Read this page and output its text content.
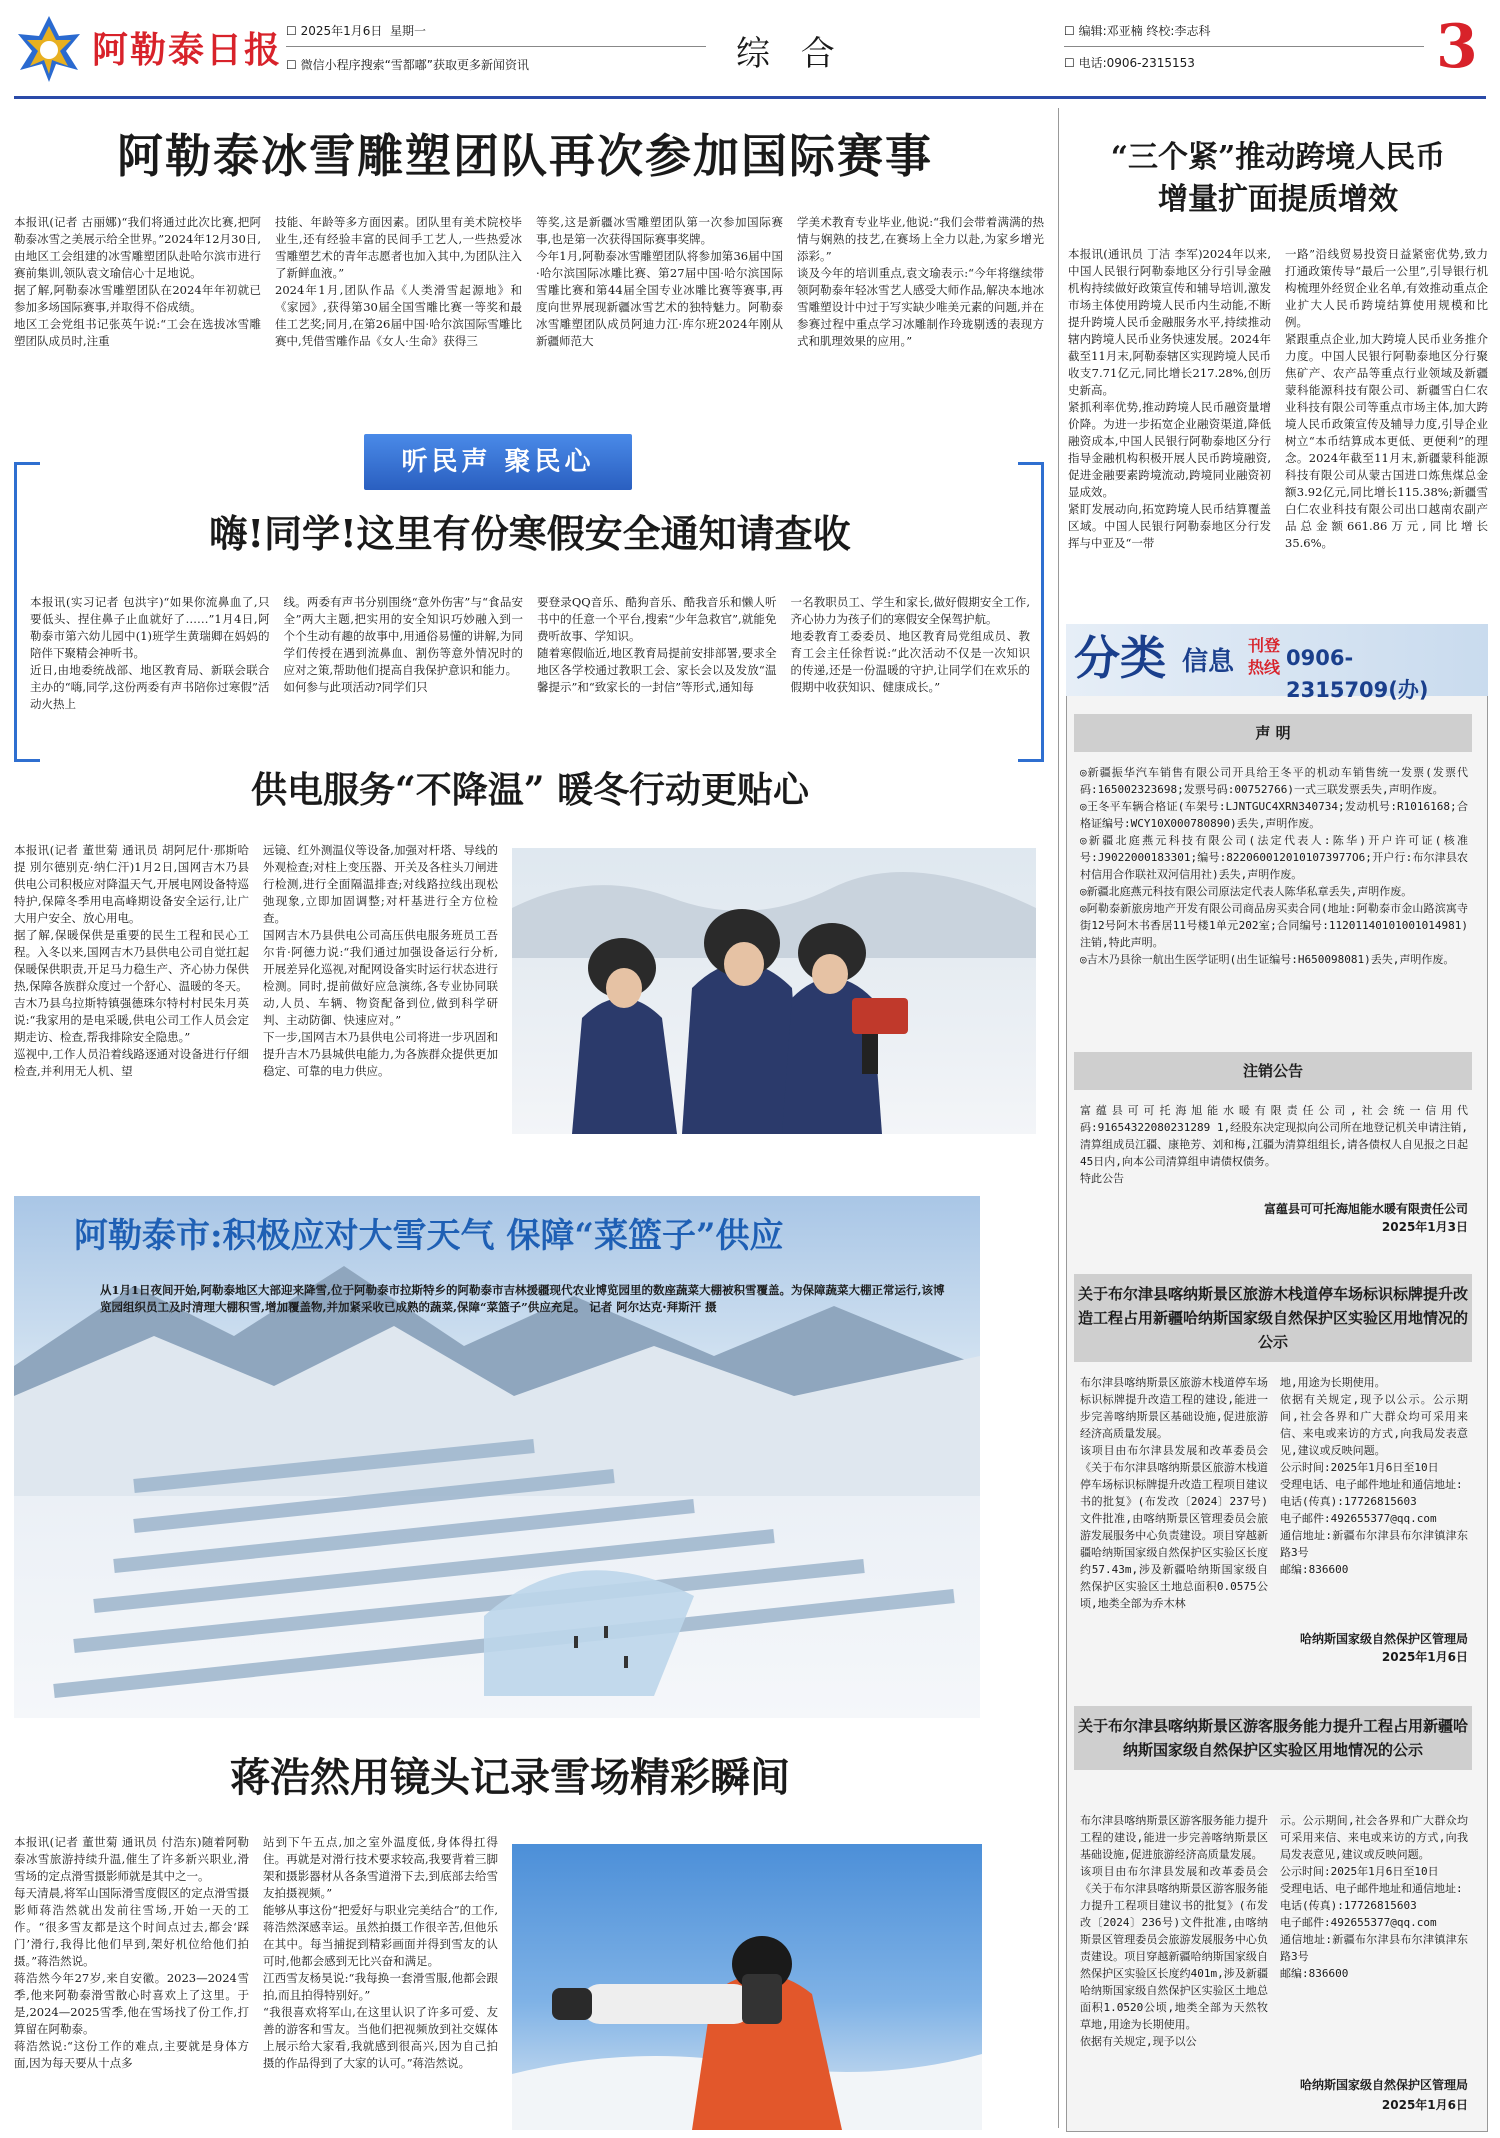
阿勒泰日报 ☐ 2025年1月6日 星期一
☐ 微信小程序搜索“雪都嘟”获取更多新闻资讯	综 合
☐ 编辑:邓亚楠 终校:李志科
☐ 电话:0906-2315153	3
阿勒泰冰雪雕塑团队再次参加国际赛事
本报讯(记者 古丽娜)“我们将通过此次比赛,把阿勒泰冰雪之美展示给全世界。”2024年12月30日,由地区工会组建的冰雪雕塑团队赴哈尔滨市进行赛前集训,领队袁文瑜信心十足地说。
据了解,阿勒泰冰雪雕塑团队在2024年年初就已参加多场国际赛事,并取得不俗成绩。
地区工会党组书记张英午说:“工会在选拔冰雪雕塑团队成员时,注重
技能、年龄等多方面因素。团队里有美术院校毕业生,还有经验丰富的民间手工艺人,一些热爱冰雪雕塑艺术的青年志愿者也加入其中,为团队注入了新鲜血液。”
2024年1月,团队作品《人类滑雪起源地》和《家园》,获得第30届全国雪雕比赛一等奖和最佳工艺奖;同月,在第26届中国·哈尔滨国际雪雕比赛中,凭借雪雕作品《女人·生命》获得三
等奖,这是新疆冰雪雕塑团队第一次参加国际赛事,也是第一次获得国际赛事奖牌。
今年1月,阿勒泰冰雪雕塑团队将参加第36届中国·哈尔滨国际冰雕比赛、第27届中国·哈尔滨国际雪雕比赛和第44届全国专业冰雕比赛等赛事,再度向世界展现新疆冰雪艺术的独特魅力。阿勒泰冰雪雕塑团队成员阿迪力江·库尔班2024年刚从新疆师范大
学美术教育专业毕业,他说:“我们会带着满满的热情与娴熟的技艺,在赛场上全力以赴,为家乡增光添彩。”
谈及今年的培训重点,袁文瑜表示:“今年将继续带领阿勒泰年轻冰雪艺人感受大师作品,解决本地冰雪雕塑设计中过于写实缺少唯美元素的问题,并在参赛过程中重点学习冰雕制作玲珑剔透的表现方式和肌理效果的应用。”
听民声 聚民心
嗨!同学!这里有份寒假安全通知请查收
本报讯(实习记者 包洪宇)“如果你流鼻血了,只要低头、捏住鼻子止血就好了……”1月4日,阿勒泰市第六幼儿园中(1)班学生黄瑞卿在妈妈的陪伴下聚精会神听书。
近日,由地委统战部、地区教育局、新联会联合主办的“嗨,同学,这份两委有声书陪你过寒假”活动火热上
线。两委有声书分别围绕“意外伤害”与“食品安全”两大主题,把实用的安全知识巧妙融入到一个个生动有趣的故事中,用通俗易懂的讲解,为同学们传授在遇到流鼻血、割伤等意外情况时的应对之策,帮助他们提高自我保护意识和能力。
如何参与此项活动?同学们只
要登录QQ音乐、酷狗音乐、酷我音乐和懒人听书中的任意一个平台,搜索“少年急救官”,就能免费听故事、学知识。
随着寒假临近,地区教育局提前安排部署,要求全地区各学校通过教职工会、家长会以及发放“温馨提示”和“致家长的一封信”等形式,通知每
一名教职员工、学生和家长,做好假期安全工作,齐心协力为孩子们的寒假安全保驾护航。
地委教育工委委员、地区教育局党组成员、教育工会主任徐哲说:“此次活动不仅是一次知识的传递,还是一份温暖的守护,让同学们在欢乐的假期中收获知识、健康成长。”
供电服务“不降温” 暖冬行动更贴心
本报讯(记者 董世菊 通讯员 胡阿尼什·那斯哈提 別尔德别克·纳仁汗)1月2日,国网吉木乃县供电公司积极应对降温天气,开展电网设备特巡特护,保障冬季用电高峰期设备安全运行,让广大用户安全、放心用电。
据了解,保暖保供是重要的民生工程和民心工程。入冬以来,国网吉木乃县供电公司自觉扛起保暖保供职责,开足马力稳生产、齐心协力保供热,保障各族群众度过一个舒心、温暖的冬天。
吉木乃县乌拉斯特镇强德珠尔特村村民朱月英说:“我家用的是电采暖,供电公司工作人员会定期走访、检查,帮我排除安全隐患。”
巡视中,工作人员沿着线路逐通对设备进行仔细检查,并利用无人机、望
远镜、红外测温仪等设备,加强对杆塔、导线的外观检查;对柱上变压器、开关及各柱头刀闸进行检测,进行全面隔温排查;对线路拉线出现松弛现象,立即加固调整;对杆基进行全方位检查。
国网吉木乃县供电公司高压供电服务班员工吾尔肯·阿德力说:“我们通过加强设备运行分析,开展差异化巡视,对配网设备实时运行状态进行检测。同时,提前做好应急演练,各专业协同联动,人员、车辆、物资配备到位,做到科学研判、主动防御、快速应对。”
下一步,国网吉木乃县供电公司将进一步巩固和提升吉木乃县城供电能力,为各族群众提供更加稳定、可靠的电力供应。
阿勒泰市:积极应对大雪天气 保障“菜篮子”供应
从1月1日夜间开始,阿勒泰地区大部迎来降雪,位于阿勒泰市拉斯特乡的阿勒泰市吉林援疆现代农业博览园里的数座蔬菜大棚被积雪覆盖。为保障蔬菜大棚正常运行,该博览园组织员工及时清理大棚积雪,增加覆盖物,并加紧采收已成熟的蔬菜,保障“菜篮子”供应充足。 记者 阿尔达克·拜斯汗 摄
蒋浩然用镜头记录雪场精彩瞬间
本报讯(记者 董世菊 通讯员 付浩东)随着阿勒泰冰雪旅游持续升温,催生了许多新兴职业,滑雪场的定点滑雪摄影师就是其中之一。
每天清晨,将军山国际滑雪度假区的定点滑雪摄影师蒋浩然就出发前往雪场,开始一天的工作。“很多雪友都是这个时间点过去,都会‘踩门’滑行,我得比他们早到,架好机位给他们拍摄。”蒋浩然说。
蒋浩然今年27岁,来自安徽。2023—2024雪季,他来阿勒泰滑雪散心时喜欢上了这里。于是,2024—2025雪季,他在雪场找了份工作,打算留在阿勒泰。
蒋浩然说:“这份工作的难点,主要就是身体方面,因为每天要从十点多
站到下午五点,加之室外温度低,身体得扛得住。再就是对滑行技术要求较高,我要背着三脚架和摄影器材从各条雪道滑下去,到底部去给雪友拍摄视频。”
能够从事这份“把爱好与职业完美结合”的工作,蒋浩然深感幸运。虽然拍摄工作很辛苦,但他乐在其中。每当捕捉到精彩画面并得到雪友的认可时,他都会感到无比兴奋和满足。
江西雪友杨昊说:“我每换一套滑雪服,他都会跟拍,而且拍得特别好。”
“我很喜欢将军山,在这里认识了许多可爱、友善的游客和雪友。当他们把视频放到社交媒体上展示给大家看,我就感到很高兴,因为自己拍摄的作品得到了大家的认可。”蒋浩然说。
“三个紧”推动跨境人民币
增量扩面提质增效
本报讯(通讯员 丁洁 李军)2024年以来,中国人民银行阿勒泰地区分行引导金融机构持续做好政策宣传和辅导培训,激发市场主体使用跨境人民币内生动能,不断提升跨境人民币金融服务水平,持续推动辖内跨境人民币业务快速发展。2024年截至11月末,阿勒泰辖区实现跨境人民币收支7.71亿元,同比增长217.28%,创历史新高。
紧抓利率优势,推动跨境人民币融资量增价降。为进一步拓宽企业融资渠道,降低融资成本,中国人民银行阿勒泰地区分行指导金融机构积极开展人民币跨境融资,促进金融要素跨境流动,跨境同业融资初显成效。
紧盯发展动向,拓宽跨境人民币结算覆盖区域。中国人民银行阿勒泰地区分行发挥与中亚及“一带
一路”沿线贸易投资日益紧密优势,致力打通政策传导“最后一公里”,引导银行机构梳理外经贸企业名单,有效推动重点企业扩大人民币跨境结算使用规模和比例。
紧跟重点企业,加大跨境人民币业务推介力度。中国人民银行阿勒泰地区分行聚焦矿产、农产品等重点行业领域及新疆蒙科能源科技有限公司、新疆雪白仁农业科技有限公司等重点市场主体,加大跨境人民币政策宣传及辅导力度,引导企业树立“本币结算成本更低、更便利”的理念。2024年截至11月末,新疆蒙科能源科技有限公司从蒙古国进口炼焦煤总金额3.92亿元,同比增长115.38%;新疆雪白仁农业科技有限公司出口越南农副产品总金额661.86万元,同比增长35.6%。
分类 信息
刊登
热线 0906-2315709(办)
声 明
◎新疆振华汽车销售有限公司开具给王冬平的机动车销售统一发票(发票代码:165002323698;发票号码:00752766)一式三联发票丢失,声明作废。
◎王冬平车辆合格证(车架号:LJNTGUC4XRN340734;发动机号:R1016168;合格证编号:WCY10X000780890)丢失,声明作废。
◎新疆北庭燕元科技有限公司(法定代表人:陈华)开户许可证(核准号:J9022000183301;编号:8220600120101073977O6;开户行:布尔津县农村信用合作联社双河信用社)丢失,声明作废。
◎新疆北庭燕元科技有限公司原法定代表人陈华私章丢失,声明作废。
◎阿勒泰新旅房地产开发有限公司商品房买卖合同(地址:阿勒泰市金山路滨寓寺街12号阿木书香居11号楼1单元202室;合同编号:11201140101001014981)注销,特此声明。
◎吉木乃县徐一航出生医学证明(出生证编号:H650098081)丢失,声明作废。
注销公告
富蕴县可可托海旭能水暖有限责任公司,社会统一信用代码:91654322080231289 1,经股东决定现拟向公司所在地登记机关申请注销,清算组成员江疆、康艳芳、刘和梅,江疆为清算组组长,请各债权人自见报之日起45日内,向本公司清算组申请债权债务。
特此公告
富蕴县可可托海旭能水暖有限责任公司
2025年1月3日
关于布尔津县喀纳斯景区旅游木栈道停车场标识标牌提升改造工程占用新疆哈纳斯国家级自然保护区实验区用地情况的公示
布尔津县喀纳斯景区旅游木栈道停车场标识标牌提升改造工程的建设,能进一步完善喀纳斯景区基础设施,促进旅游经济高质量发展。
该项目由布尔津县发展和改革委员会《关于布尔津县喀纳斯景区旅游木栈道停车场标识标牌提升改造工程项目建议书的批复》(布发改〔2024〕237号)文件批准,由喀纳斯景区管理委员会旅游发展服务中心负责建设。项目穿越新疆哈纳斯国家级自然保护区实验区长度约57.43m,涉及新疆哈纳斯国家级自然保护区实验区土地总面积0.0575公顷,地类全部为乔木林
地,用途为长期使用。
依据有关规定,现予以公示。公示期间,社会各界和广大群众均可采用来信、来电或来访的方式,向我局发表意见,建议或反映问题。
公示时间:2025年1月6日至10日
受理电话、电子邮件地址和通信地址:
电话(传真):17726815603
电子邮件:492655377@qq.com
通信地址:新疆布尔津县布尔津镇津东路3号
邮编:836600
哈纳斯国家级自然保护区管理局
2025年1月6日
关于布尔津县喀纳斯景区游客服务能力提升工程占用新疆哈纳斯国家级自然保护区实验区用地情况的公示
布尔津县喀纳斯景区游客服务能力提升工程的建设,能进一步完善喀纳斯景区基础设施,促进旅游经济高质量发展。
该项目由布尔津县发展和改革委员会《关于布尔津县喀纳斯景区游客服务能力提升工程项目建议书的批复》(布发改〔2024〕236号)文件批准,由喀纳斯景区管理委员会旅游发展服务中心负责建设。项目穿越新疆哈纳斯国家级自然保护区实验区长度约401m,涉及新疆哈纳斯国家级自然保护区实验区土地总面积1.0520公顷,地类全部为天然牧草地,用途为长期使用。
依据有关规定,现予以公
示。公示期间,社会各界和广大群众均可采用来信、来电或来访的方式,向我局发表意见,建议或反映问题。
公示时间:2025年1月6日至10日
受理电话、电子邮件地址和通信地址:
电话(传真):17726815603
电子邮件:492655377@qq.com
通信地址:新疆布尔津县布尔津镇津东路3号
邮编:836600
哈纳斯国家级自然保护区管理局
2025年1月6日
